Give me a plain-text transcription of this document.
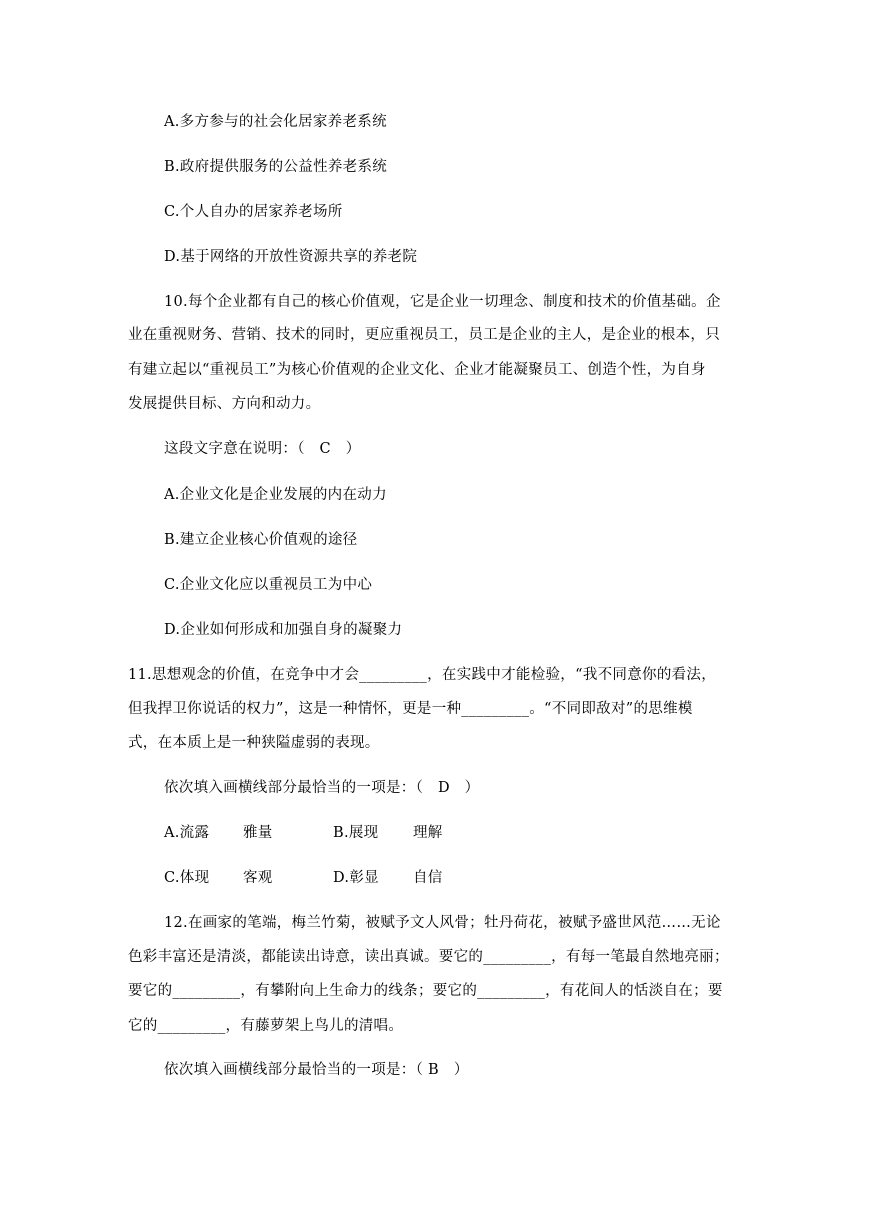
A.多方参与的社会化居家养老系统
B.政府提供服务的公益性养老系统
C.个人自办的居家养老场所
D.基于网络的开放性资源共享的养老院
10.每个企业都有自己的核心价值观，它是企业一切理念、制度和技术的价值基础。企
业在重视财务、营销、技术的同时，更应重视员工，员工是企业的主人，是企业的根本，只
有建立起以“重视员工”为核心价值观的企业文化、企业才能凝聚员工、创造个性，为自身
发展提供目标、方向和动力。
这段文字意在说明：（　C　）
A.企业文化是企业发展的内在动力
B.建立企业核心价值观的途径
C.企业文化应以重视员工为中心
D.企业如何形成和加强自身的凝聚力
11.思想观念的价值，在竞争中才会_________，在实践中才能检验，“我不同意你的看法，
但我捍卫你说话的权力”，这是一种情怀，更是一种_________。“不同即敌对”的思维模
式，在本质上是一种狭隘虚弱的表现。
依次填入画横线部分最恰当的一项是：（　D　）
A.流露 雅量	B.展现 理解
C.体现 客观	D.彰显 自信
12.在画家的笔端，梅兰竹菊，被赋予文人风骨；牡丹荷花，被赋予盛世风范……无论
色彩丰富还是清淡，都能读出诗意，读出真诚。要它的_________，有每一笔最自然地亮丽；
要它的_________，有攀附向上生命力的线条；要它的_________，有花间人的恬淡自在；要
它的_________，有藤萝架上鸟儿的清唱。
依次填入画横线部分最恰当的一项是：（ B　）
